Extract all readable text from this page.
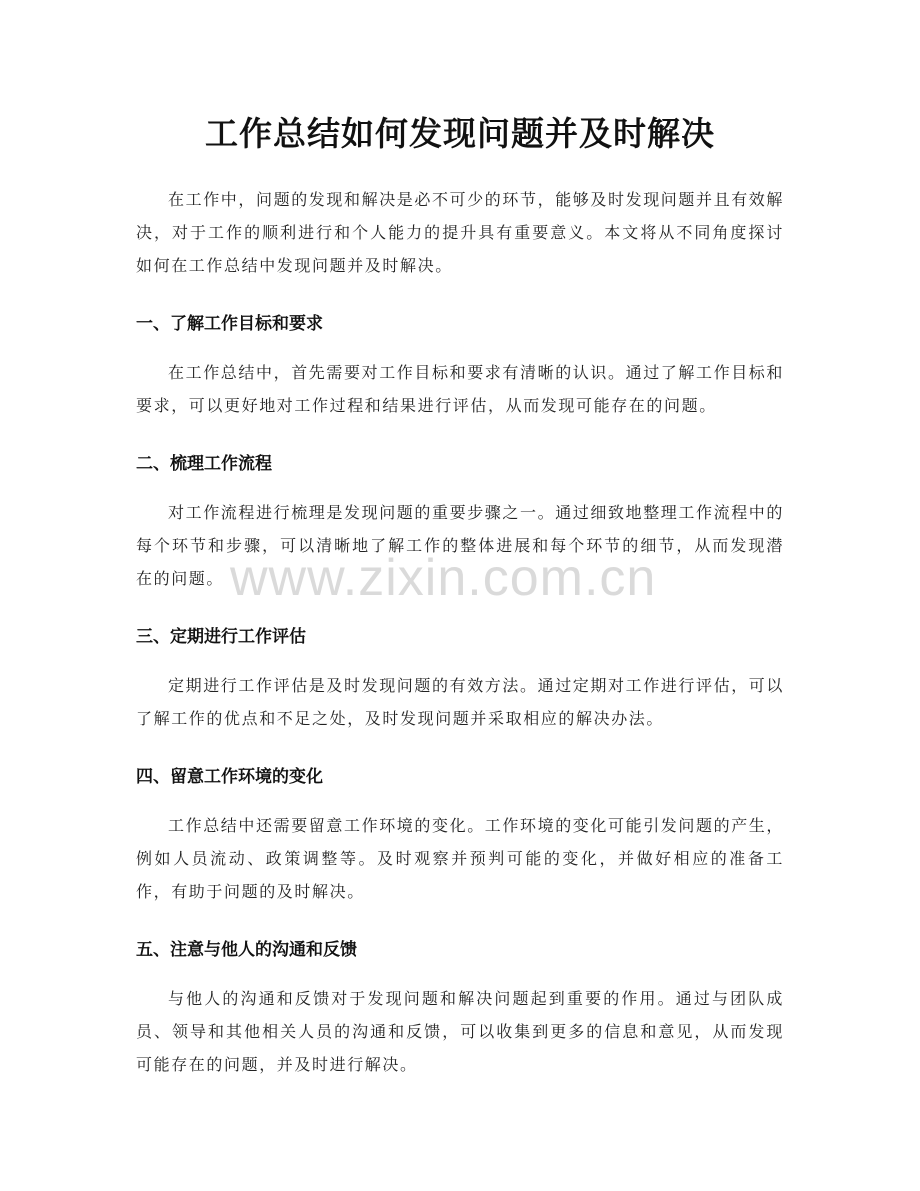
工作总结如何发现问题并及时解决

在工作中，问题的发现和解决是必不可少的环节，能够及时发现问题并且有效解决，对于工作的顺利进行和个人能力的提升具有重要意义。本文将从不同角度探讨如何在工作总结中发现问题并及时解决。

一、了解工作目标和要求

在工作总结中，首先需要对工作目标和要求有清晰的认识。通过了解工作目标和要求，可以更好地对工作过程和结果进行评估，从而发现可能存在的问题。

二、梳理工作流程

对工作流程进行梳理是发现问题的重要步骤之一。通过细致地整理工作流程中的每个环节和步骤，可以清晰地了解工作的整体进展和每个环节的细节，从而发现潜在的问题。

三、定期进行工作评估

定期进行工作评估是及时发现问题的有效方法。通过定期对工作进行评估，可以了解工作的优点和不足之处，及时发现问题并采取相应的解决办法。

四、留意工作环境的变化

工作总结中还需要留意工作环境的变化。工作环境的变化可能引发问题的产生，例如人员流动、政策调整等。及时观察并预判可能的变化，并做好相应的准备工作，有助于问题的及时解决。

五、注意与他人的沟通和反馈

与他人的沟通和反馈对于发现问题和解决问题起到重要的作用。通过与团队成员、领导和其他相关人员的沟通和反馈，可以收集到更多的信息和意见，从而发现可能存在的问题，并及时进行解决。

www.zixin.com.cn
